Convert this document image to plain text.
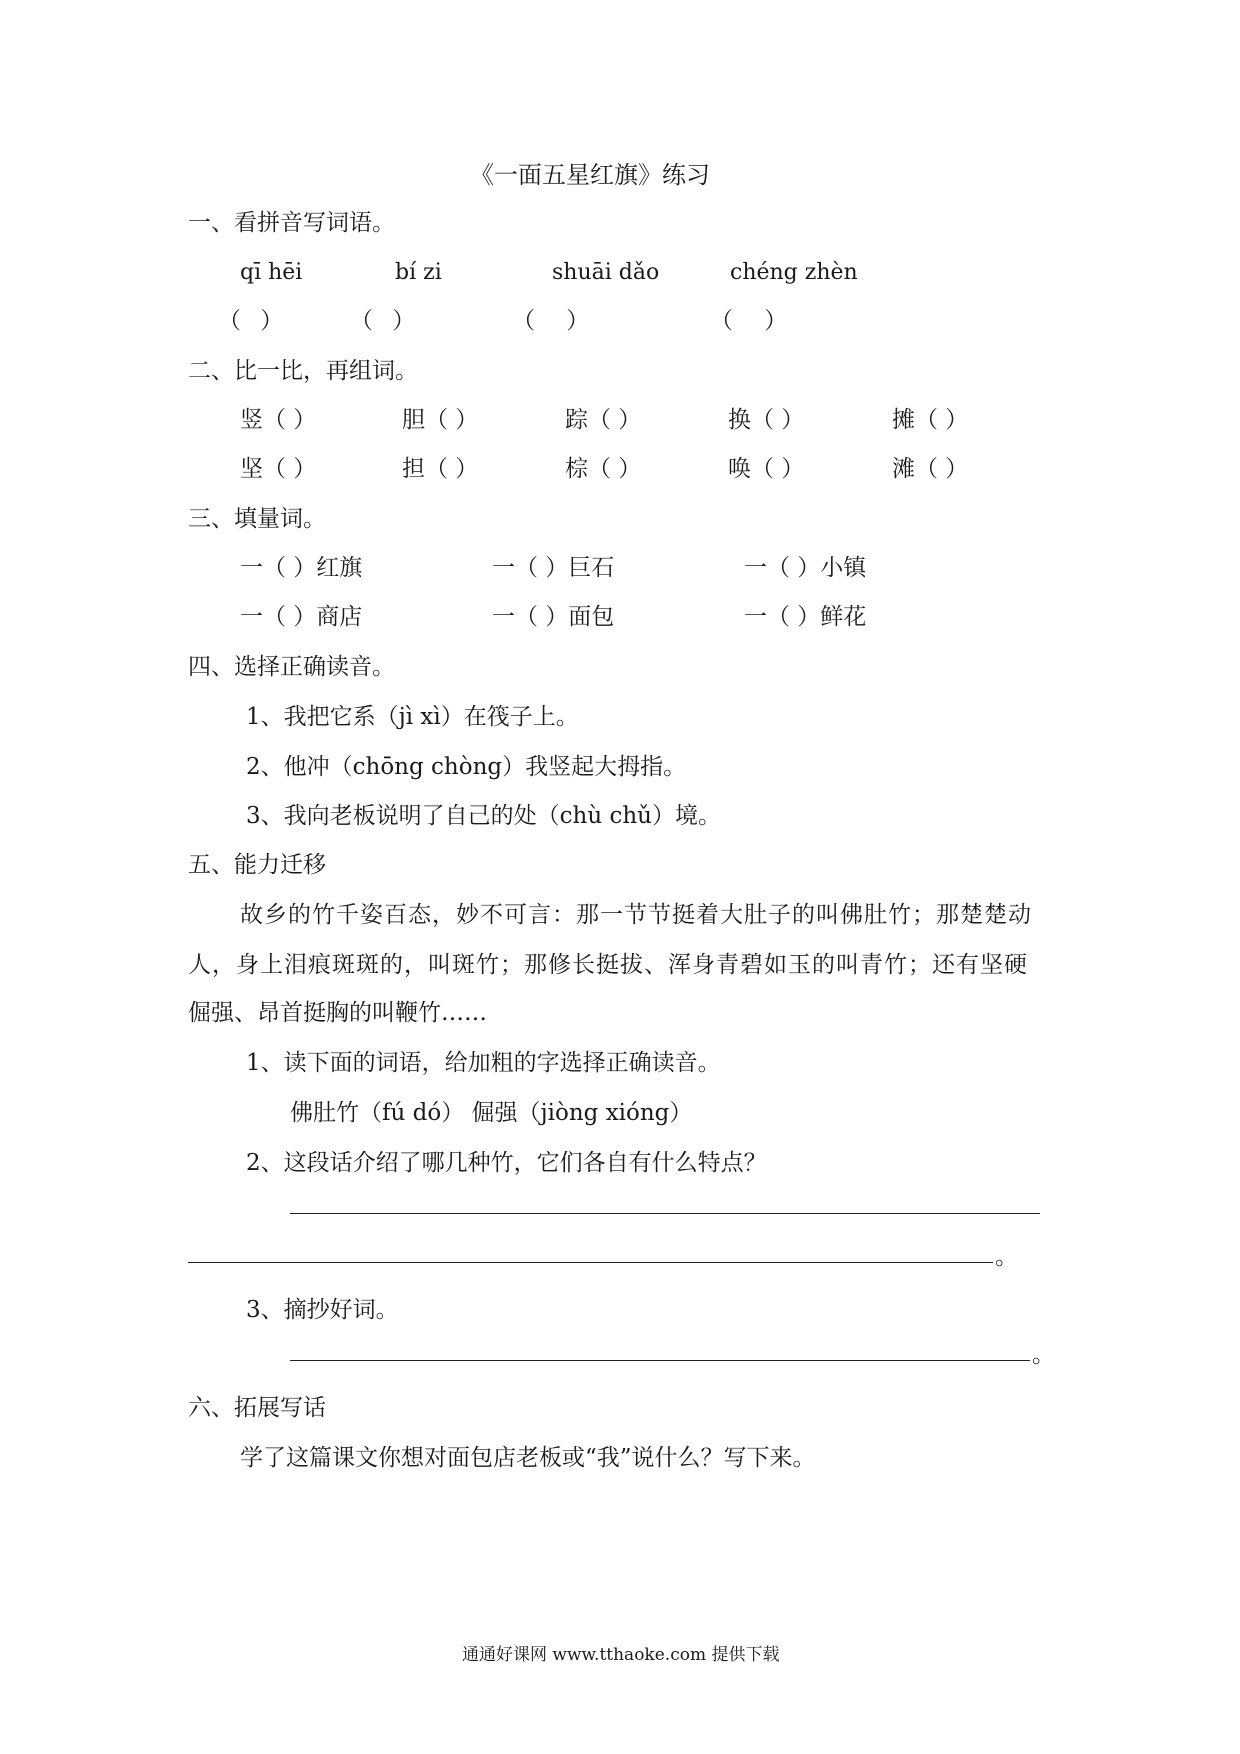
《一面五星红旗》练习
一、看拼音写词语。
qī hēi	bí zi	shuāi dǎo	chéng zhèn
（ ）	（ ）	（ ）	（ ）
二、比一比，再组词。
竖（ ）	胆（ ）	踪（ ）	换（ ）	摊（ ）
坚（ ）	担（ ）	棕（ ）	唤（ ）	滩（ ）
三、填量词。
一（ ）红旗	一（ ）巨石	一（ ）小镇
一（ ）商店	一（ ）面包	一（ ）鲜花
四、选择正确读音。
1、我把它系（jì xì）在筏子上。
2、他冲（chōng chòng）我竖起大拇指。
3、我向老板说明了自己的处（chù chǔ）境。
五、能力迁移
故乡的竹千姿百态，妙不可言：那一节节挺着大肚子的叫佛肚竹；那楚楚动
人，身上泪痕斑斑的，叫斑竹；那修长挺拔、浑身青碧如玉的叫青竹；还有坚硬
倔强、昂首挺胸的叫鞭竹……
1、读下面的词语，给加粗的字选择正确读音。
佛肚竹（fú dó） 倔强（jiòng xióng）
2、这段话介绍了哪几种竹，它们各自有什么特点？
。
3、摘抄好词。
。
六、拓展写话
学了这篇课文你想对面包店老板或“我”说什么？写下来。
通通好课网 www.tthaoke.com 提供下载
